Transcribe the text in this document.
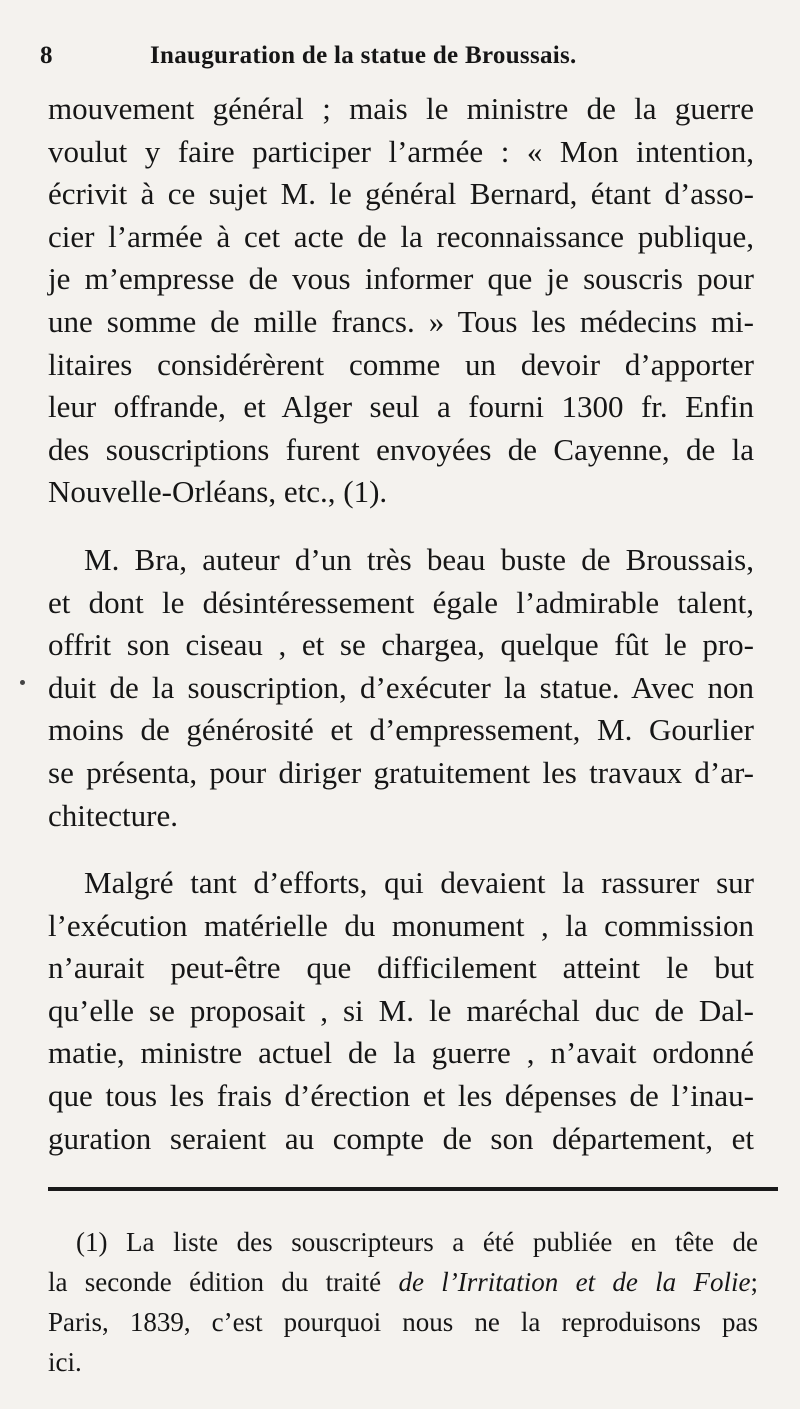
8	Inauguration de la statue de Broussais.

mouvement général ; mais le ministre de la guerre
voulut y faire participer l’armée : « Mon intention,
écrivit à ce sujet M. le général Bernard, étant d’asso-
cier l’armée à cet acte de la reconnaissance publique,
je m’empresse de vous informer que je souscris pour
une somme de mille francs. » Tous les médecins mi-
litaires considérèrent comme un devoir d’apporter
leur offrande, et Alger seul a fourni 1300 fr. Enfin
des souscriptions furent envoyées de Cayenne, de la
Nouvelle-Orléans, etc., (1).

M. Bra, auteur d’un très beau buste de Broussais,
et dont le désintéressement égale l’admirable talent,
offrit son ciseau , et se chargea, quelque fût le pro-
duit de la souscription, d’exécuter la statue. Avec non
moins de générosité et d’empressement, M. Gourlier
se présenta, pour diriger gratuitement les travaux d’ar-
chitecture.

Malgré tant d’efforts, qui devaient la rassurer sur
l’exécution matérielle du monument , la commission
n’aurait peut-être que difficilement atteint le but
qu’elle se proposait , si M. le maréchal duc de Dal-
matie, ministre actuel de la guerre , n’avait ordonné
que tous les frais d’érection et les dépenses de l’inau-
guration seraient au compte de son département, et

(1) La liste des souscripteurs a été publiée en tête de
la seconde édition du traité de l’Irritation et de la Folie;
Paris, 1839, c’est pourquoi nous ne la reproduisons pas
ici.
